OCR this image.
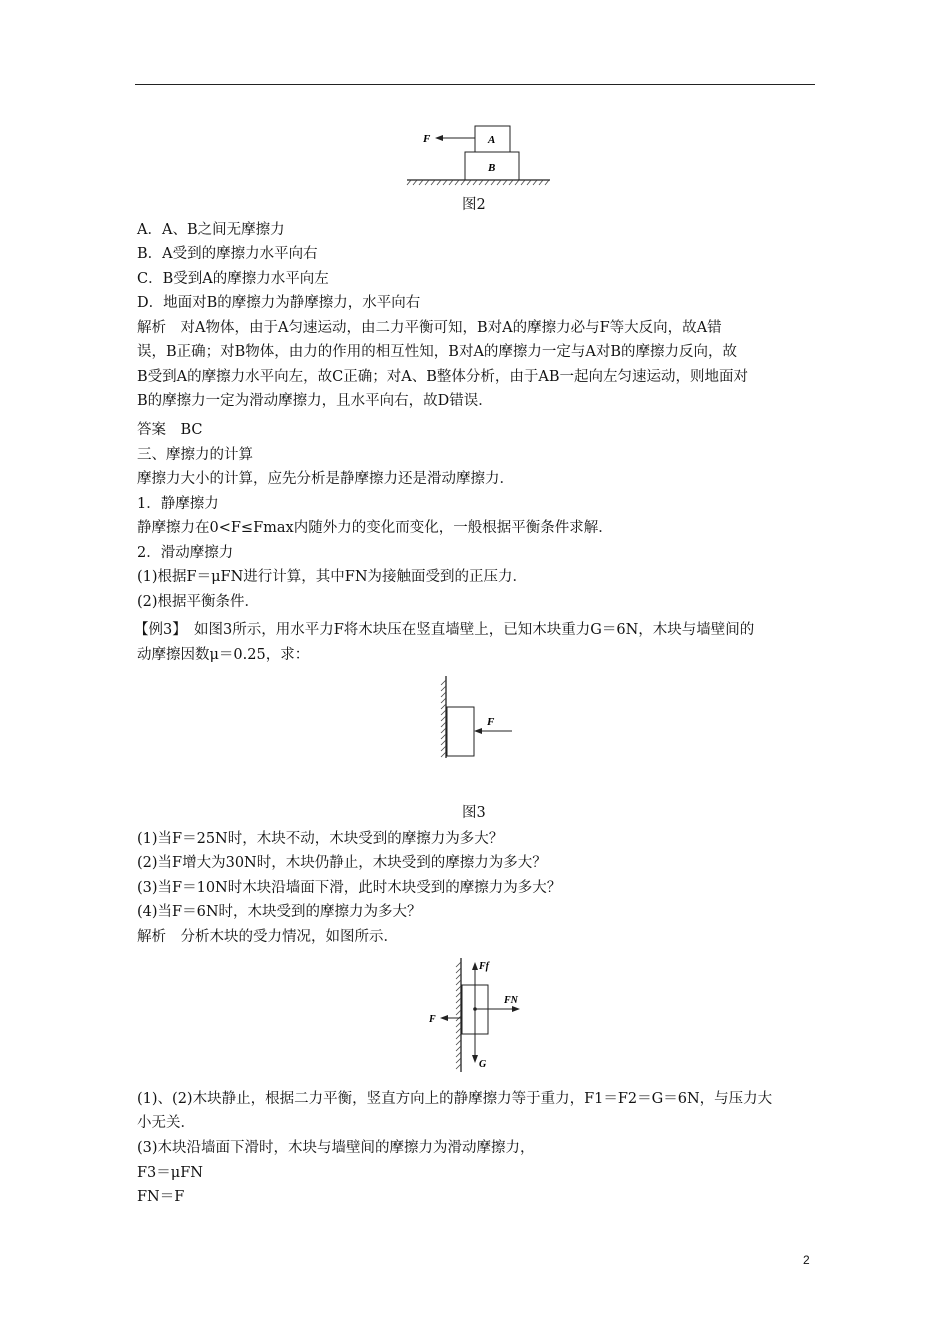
F	A
B
图2
A．A、B之间无摩擦力
B．A受到的摩擦力水平向右
C．B受到A的摩擦力水平向左
D．地面对B的摩擦力为静摩擦力，水平向右
解析　对A物体，由于A匀速运动，由二力平衡可知，B对A的摩擦力必与F等大反向，故A错
误，B正确；对B物体，由力的作用的相互性知，B对A的摩擦力一定与A对B的摩擦力反向，故
B受到A的摩擦力水平向左，故C正确；对A、B整体分析，由于AB一起向左匀速运动，则地面对
B的摩擦力一定为滑动摩擦力，且水平向右，故D错误．
答案　BC
三、摩擦力的计算
摩擦力大小的计算，应先分析是静摩擦力还是滑动摩擦力．
1．静摩擦力
静摩擦力在0<F≤Fmax内随外力的变化而变化，一般根据平衡条件求解．
2．滑动摩擦力
(1)根据F＝μFN进行计算，其中FN为接触面受到的正压力．
(2)根据平衡条件．
【例3】　如图3所示，用水平力F将木块压在竖直墙壁上，已知木块重力G＝6N，木块与墙壁间的
动摩擦因数μ＝0.25，求：
F
图3
(1)当F＝25N时，木块不动，木块受到的摩擦力为多大？
(2)当F增大为30N时，木块仍静止，木块受到的摩擦力为多大？
(3)当F＝10N时木块沿墙面下滑，此时木块受到的摩擦力为多大？
(4)当F＝6N时，木块受到的摩擦力为多大？
解析　分析木块的受力情况，如图所示．
Ff
FN
F
G
(1)、(2)木块静止，根据二力平衡，竖直方向上的静摩擦力等于重力，F1＝F2＝G＝6N，与压力大
小无关．
(3)木块沿墙面下滑时，木块与墙壁间的摩擦力为滑动摩擦力，
F3＝μFN
FN＝F
2
